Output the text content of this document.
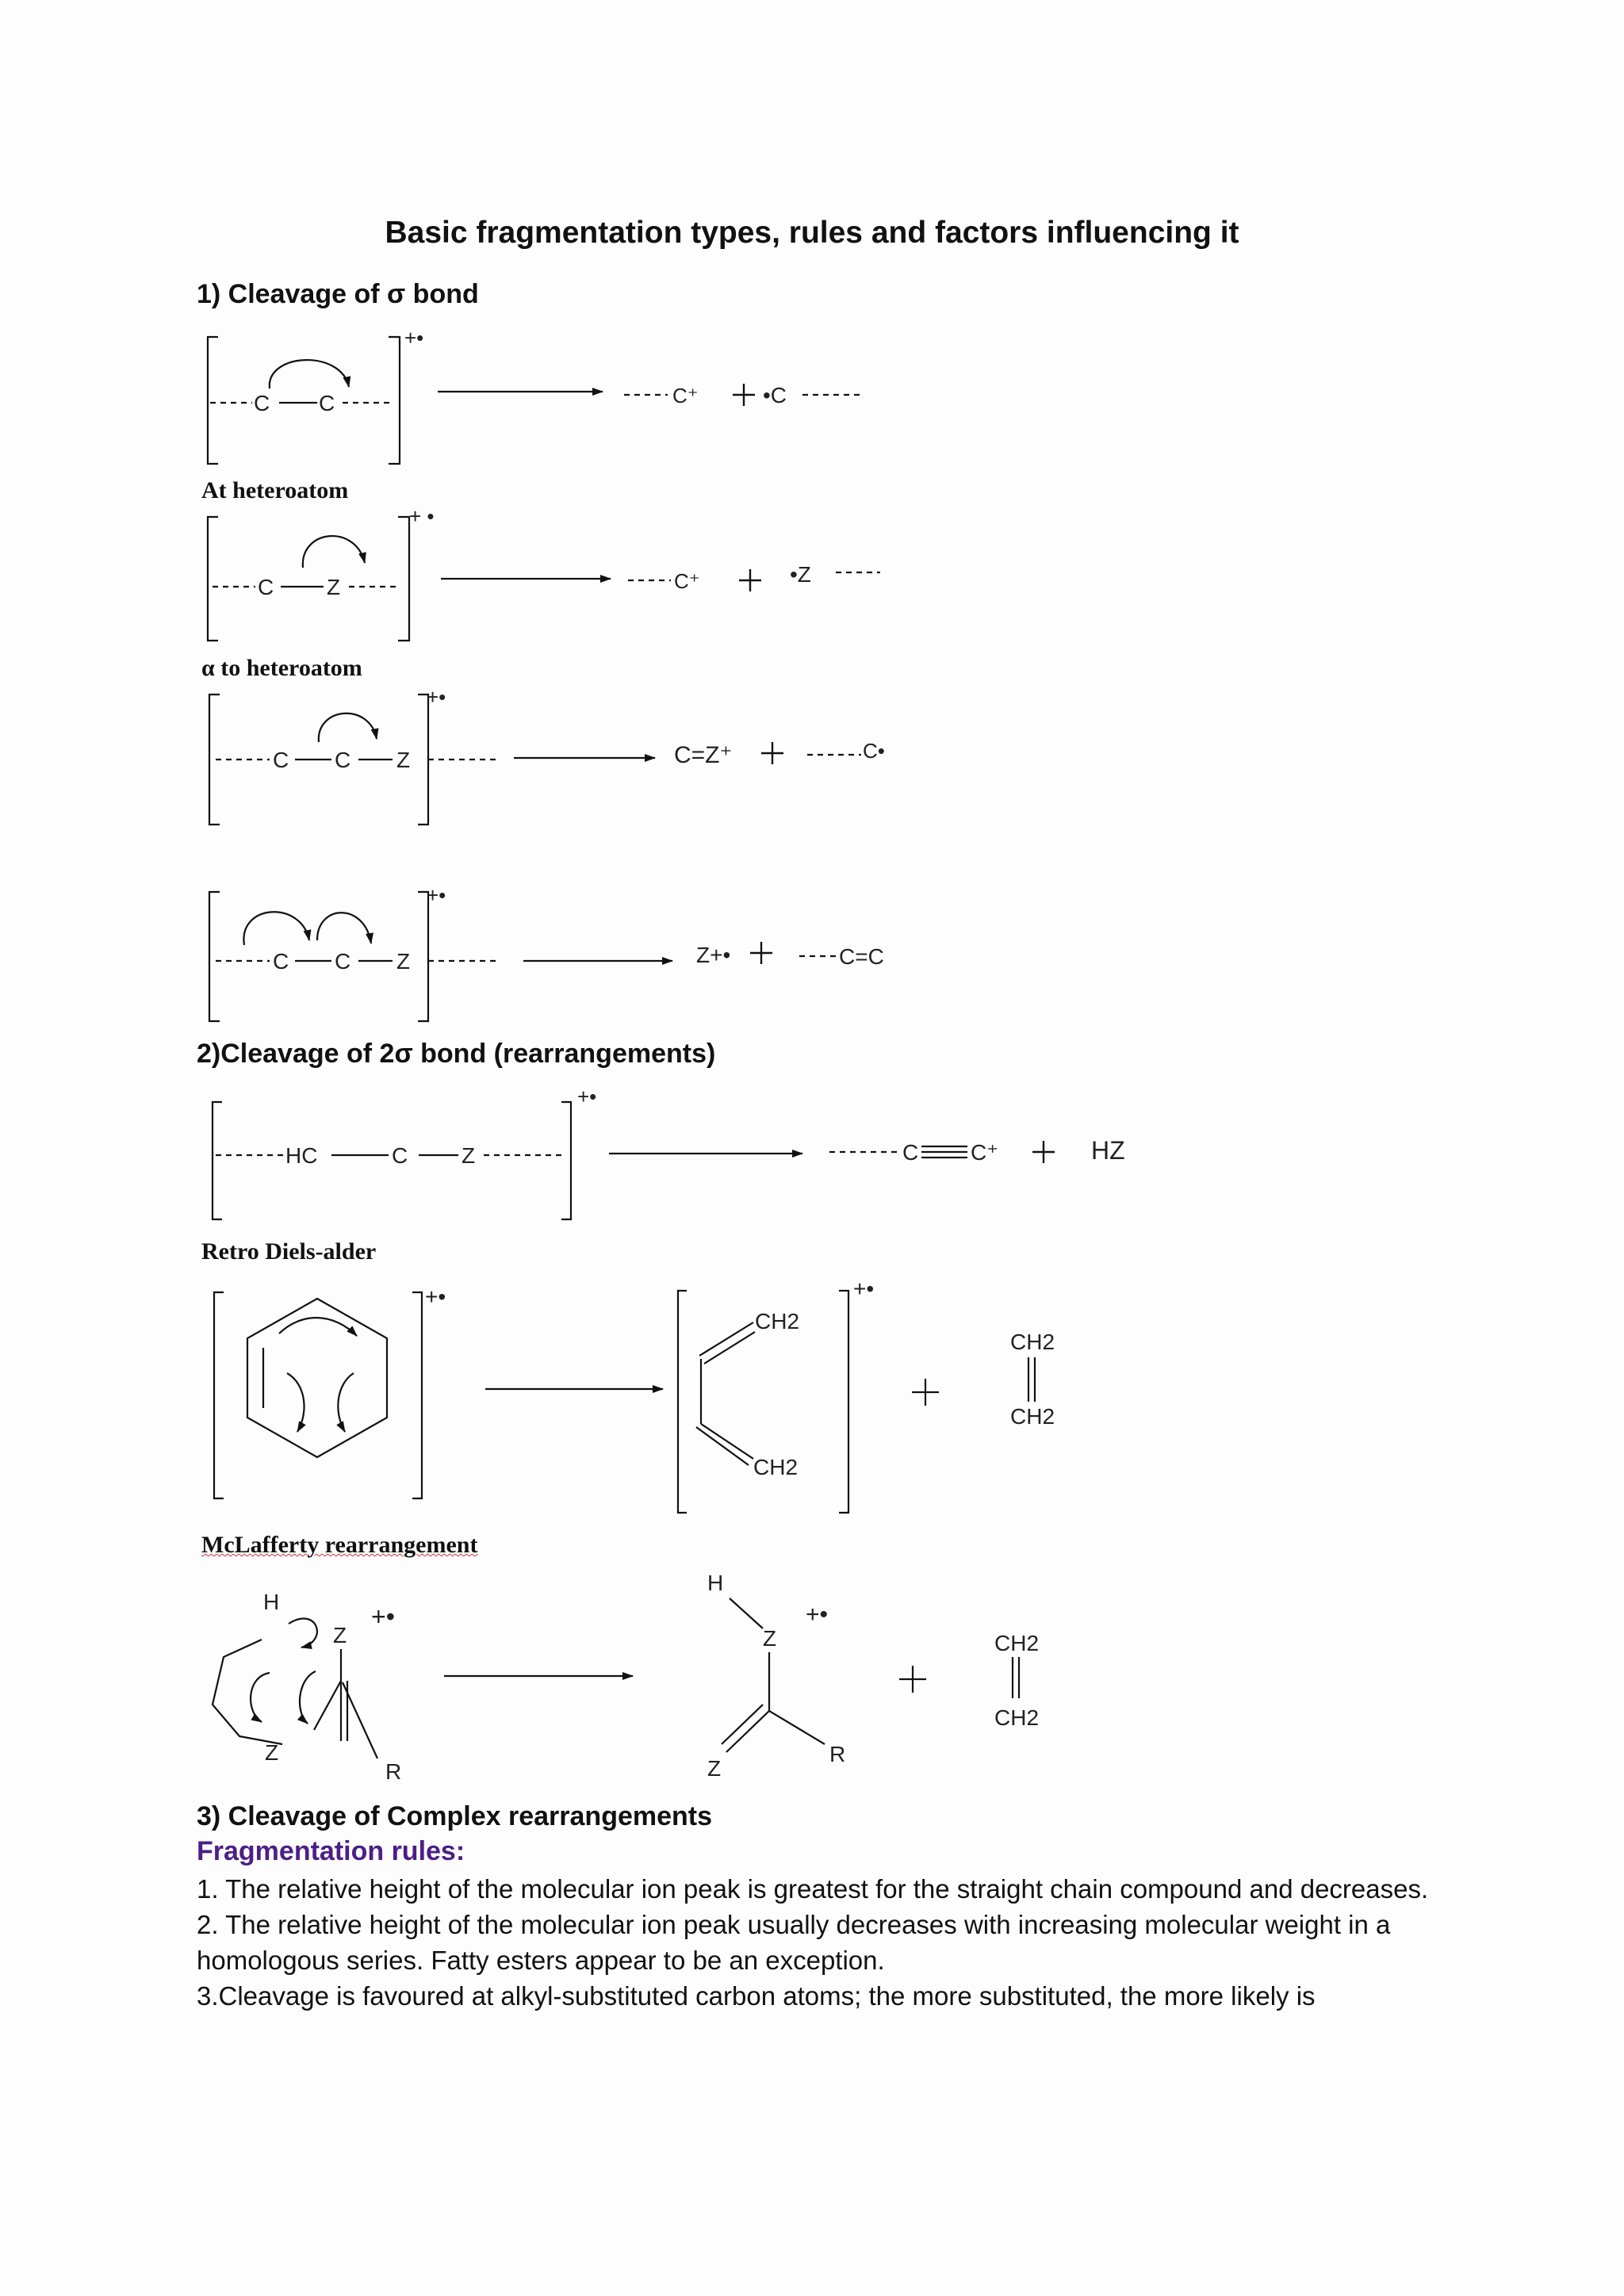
Basic fragmentation types, rules and factors influencing it
1) Cleavage of σ bond
At heteroatom
α to heteroatom
2)Cleavage of 2σ bond (rearrangements)
Retro Diels-alder
McLafferty rearrangement
3) Cleavage of Complex rearrangements
Fragmentation rules:

1. The relative height of the molecular ion peak is greatest for the straight chain compound and decreases.

2. The relative height of the molecular ion peak usually decreases with increasing molecular weight in a homologous series. Fatty esters appear to be an exception.

3.Cleavage is favoured at alkyl-substituted carbon atoms; the more substituted, the more likely is

C C
+•
C⁺	•C
C Z
+ •
C⁺	•Z
C C Z
+•
C=Z⁺	C•
C C Z
+•
Z+•	C=C
HC	C Z
+•
C C⁺	HZ
+•	+•
CH2
CH2
CH2
CH2
H
Z
Z
R
+•
H
Z
Z
R
+•
CH2
CH2
